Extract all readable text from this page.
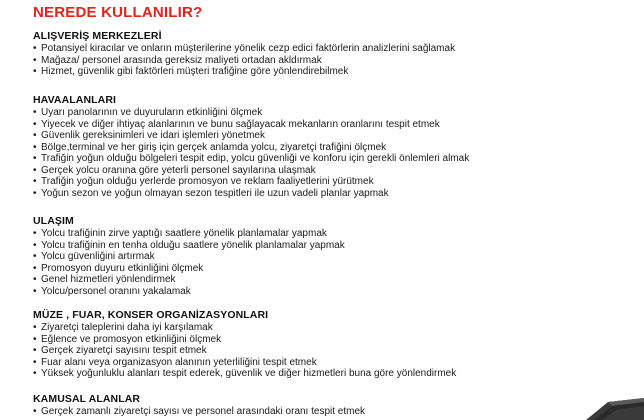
NEREDE KULLANILIR?
ALIŞVERİŞ MERKEZLERİ
• Potansiyel kiracılar ve onların müşterilerine yönelik cezp edici faktörlerin analizlerini sağlamak
• Mağaza/ personel arasında gereksiz maliyeti ortadan akldırmak
• Hizmet, güvenlik gibi faktörleri müşteri trafiğine göre yönlendirebilmek
HAVAALANLARI
• Uyarı panolarının ve duyuruların etkinliğini ölçmek
• Yiyecek ve diğer ihtiyaç alanlarının ve bunu sağlayacak mekanların oranlarını tespit etmek
• Güvenlik gereksinimleri ve idari işlemleri yönetmek
• Bölge,terminal ve her giriş için gerçek anlamda yolcu, ziyaretçi trafiğini ölçmek
• Trafiğin yoğun olduğu bölgeleri tespit edip, yolcu güvenliği ve konforu için gerekli önlemleri almak
• Gerçek yolcu oranına göre yeterli personel sayılarına ulaşmak
• Trafiğin yoğun olduğu yerlerde promosyon ve reklam faaliyetlerini yürütmek
• Yoğun sezon ve yoğun olmayan sezon tespitleri ile uzun vadeli planlar yapmak
ULAŞIM
• Yolcu trafiğinin zirve yaptığı saatlere yönelik planlamalar yapmak
• Yolcu trafiğinin en tenha olduğu saatlere yönelik planlamalar yapmak
• Yolcu güvenliğini artırmak
• Promosyon duyuru etkinliğini ölçmek
• Genel hizmetleri yönlendirmek
• Yolcu/personel oranını yakalamak
MÜZE , FUAR, KONSER ORGANİZASYONLARI
• Ziyaretçi taleplerini daha iyi karşılamak
• Eğlence ve promosyon etkinliğini ölçmek
• Gerçek ziyaretçi sayısını tespit etmek
• Fuar alanı veya organizasyon alanının yeterliliğini tespit etmek
• Yüksek yoğunluklu alanları tespit ederek, güvenlik ve diğer hizmetleri buna göre yönlendirmek
KAMUSAL ALANLAR
• Gerçek zamanlı ziyaretçi sayısı ve personel arasındaki oranı tespit etmek
